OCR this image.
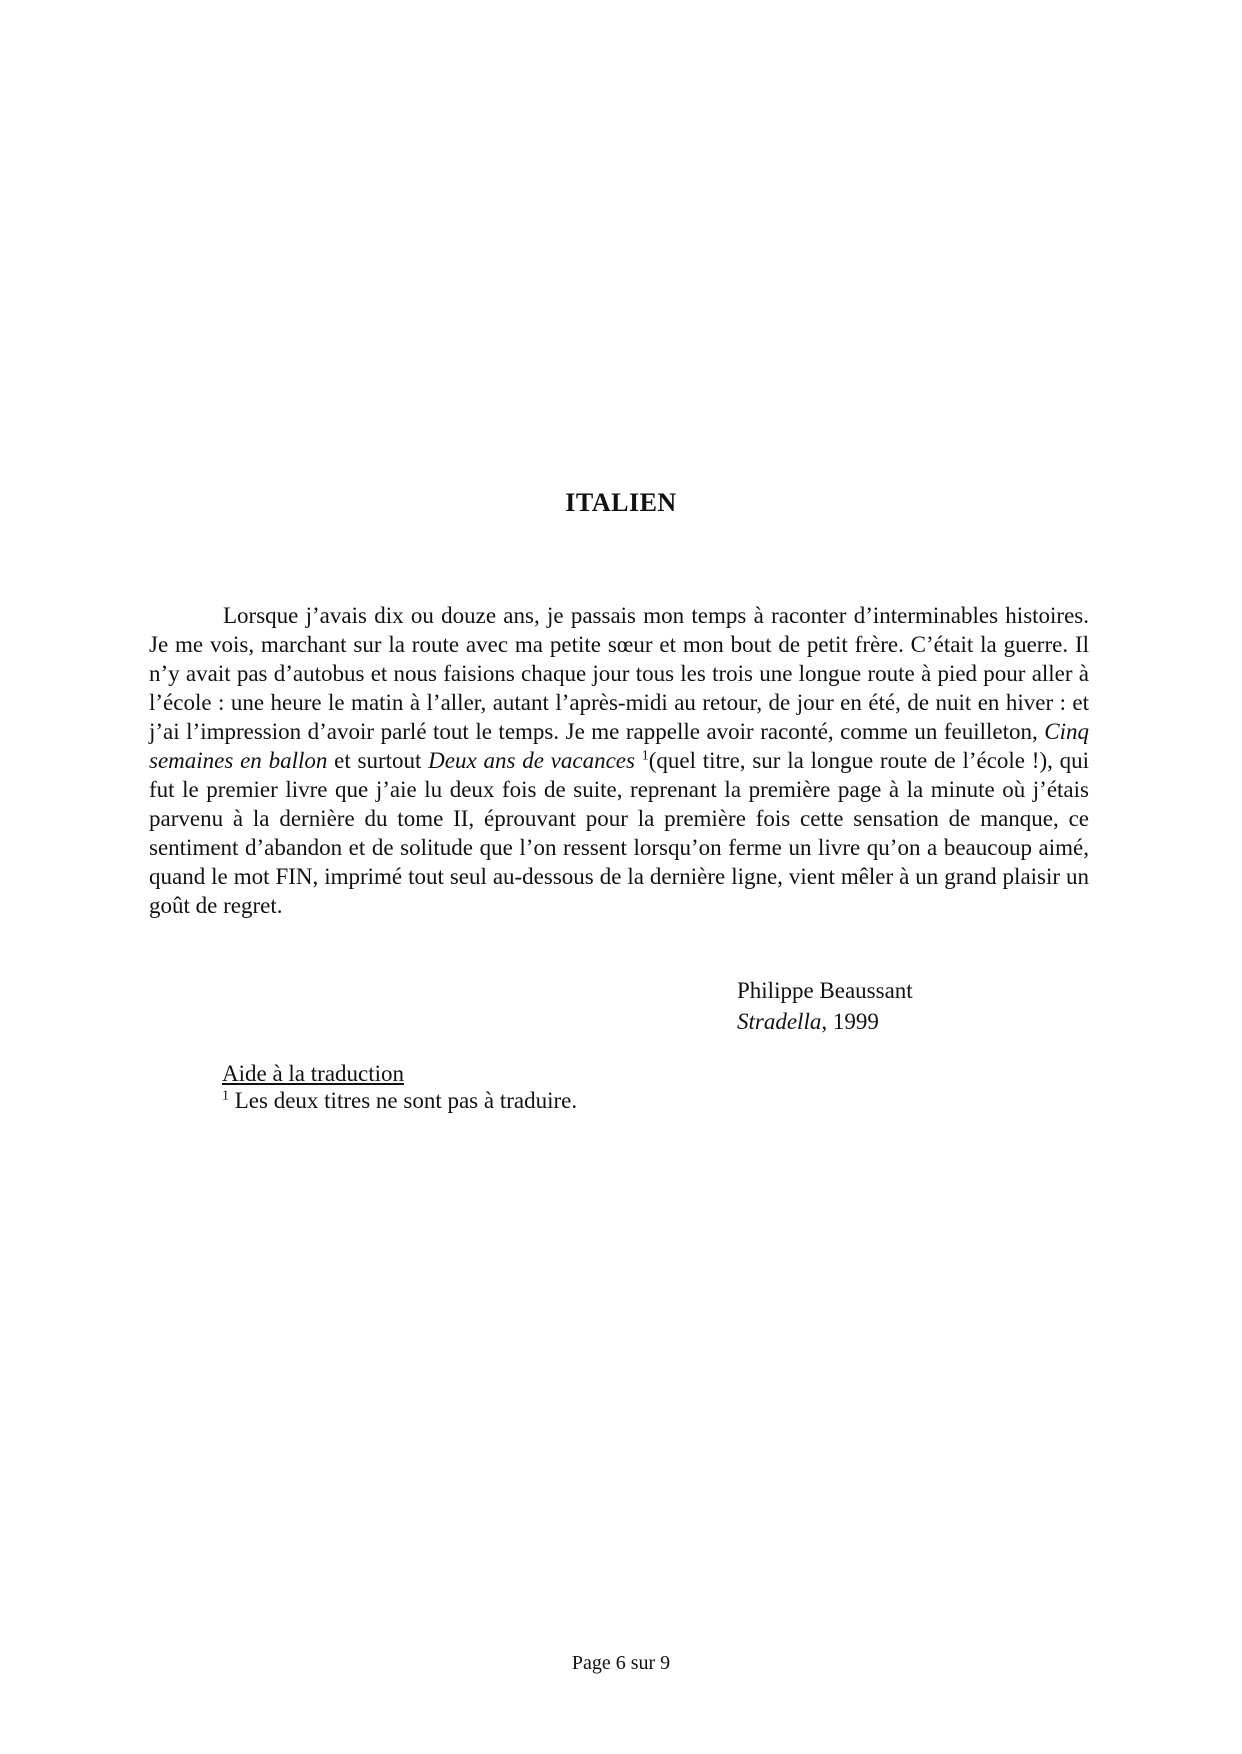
ITALIEN

Lorsque j’avais dix ou douze ans, je passais mon temps à raconter d’interminables histoires. Je me vois, marchant sur la route avec ma petite sœur et mon bout de petit frère. C’était la guerre. Il n’y avait pas d’autobus et nous faisions chaque jour tous les trois une longue route à pied pour aller à l’école : une heure le matin à l’aller, autant l’après-midi au retour, de jour en été, de nuit en hiver : et j’ai l’impression d’avoir parlé tout le temps. Je me rappelle avoir raconté, comme un feuilleton, Cinq semaines en ballon et surtout Deux ans de vacances $^1$(quel titre, sur la longue route de l’école !), qui fut le premier livre que j’aie lu deux fois de suite, reprenant la première page à la minute où j’étais parvenu à la dernière du tome II, éprouvant pour la première fois cette sensation de manque, ce sentiment d’abandon et de solitude que l’on ressent lorsqu’on ferme un livre qu’on a beaucoup aimé, quand le mot FIN, imprimé tout seul au-dessous de la dernière ligne, vient mêler à un grand plaisir un goût de regret.

Philippe Beaussant
Stradella, 1999
Aide à la traduction
$^1$ Les deux titres ne sont pas à traduire.
Page 6 sur 9
